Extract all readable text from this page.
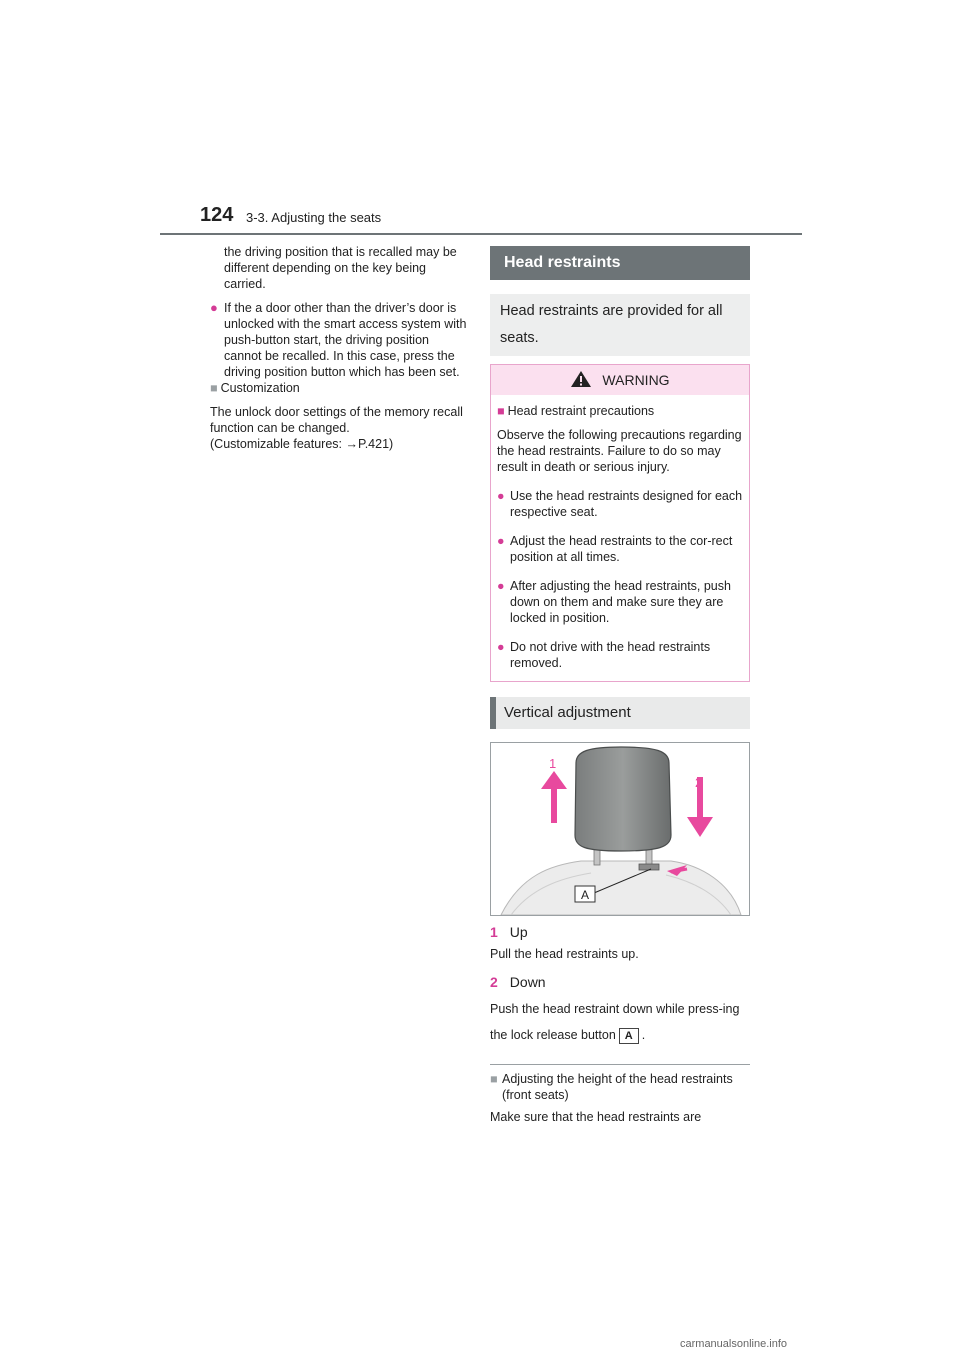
124 3-3. Adjusting the seats

the driving position that is recalled may be different depending on the key being carried.

● If the a door other than the driver’s door is unlocked with the smart access system with push-button start, the driving position cannot be recalled. In this case, press the driving position button which has been set.

■ Customization

The unlock door settings of the memory recall function can be changed.

(Customizable features: →P.421)

Head restraints
Head restraints are provided for all seats.
WARNING

■ Head restraint precautions

Observe the following precautions regarding the head restraints. Failure to do so may result in death or serious injury.

● Use the head restraints designed for each respective seat.
● Adjust the head restraints to the cor-rect position at all times.
● After adjusting the head restraints, push down on them and make sure they are locked in position.
● Do not drive with the head restraints removed.
Vertical adjustment
A
1
2
1 Up
Pull the head restraints up.
2 Down
Push the head restraint down while press-ing the lock release button A .
■ Adjusting the height of the head restraints (front seats)
Make sure that the head restraints are
carmanualsonline.info
